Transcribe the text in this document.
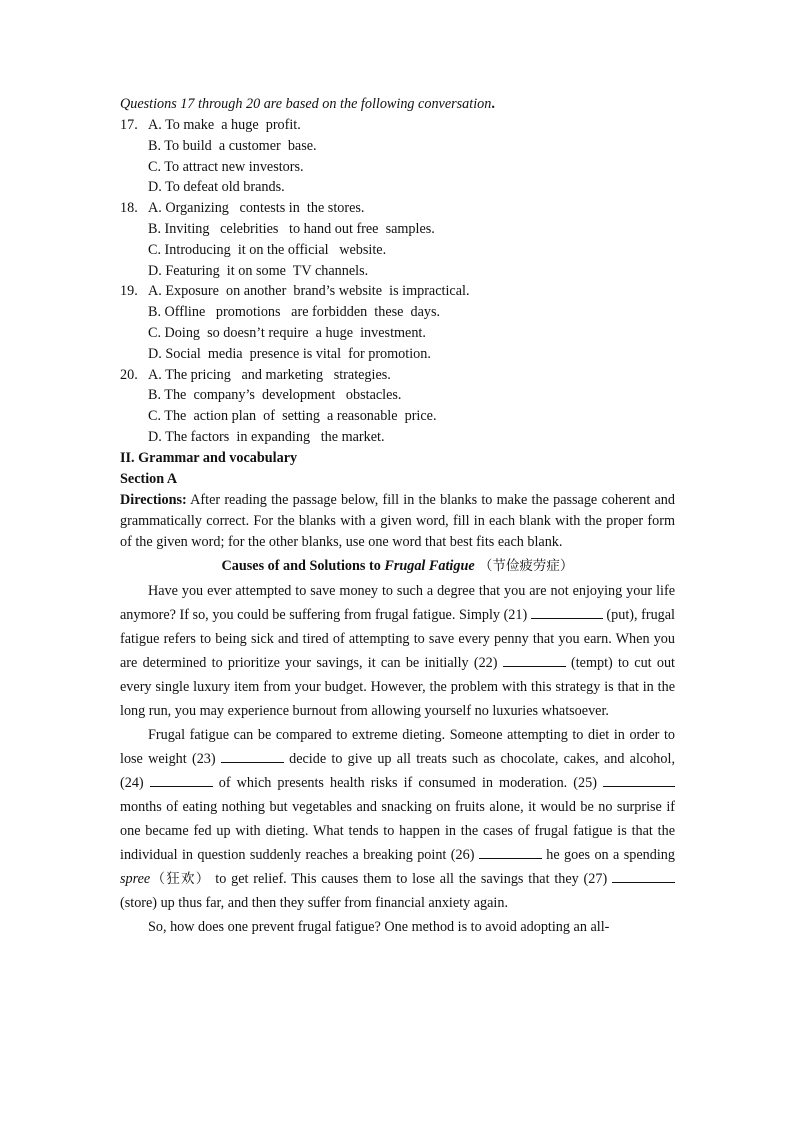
Questions 17 through 20 are based on the following conversation.

17. A. To make  a huge  profit.

B. To build  a customer  base.

C. To attract new investors.

D. To defeat old brands.

18. A. Organizing   contests in  the stores.

B. Inviting   celebrities   to hand out free  samples.

C. Introducing  it on the official   website.

D. Featuring  it on some  TV channels.

19. A. Exposure  on another  brand’s website  is impractical.

B. Offline   promotions   are forbidden  these  days.

C. Doing  so doesn’t require  a huge  investment.

D. Social  media  presence is vital  for promotion.

20. A. The pricing   and marketing   strategies.

B. The  company’s  development   obstacles.

C. The  action plan  of  setting  a reasonable  price.

D. The factors  in expanding   the market.

II. Grammar and vocabulary

Section A

Directions: After reading the passage below, fill in the blanks to make the passage coherent and grammatically correct. For the blanks with a given word, fill in each blank with the proper form of the given word; for the other blanks, use one word that best fits each blank.

Causes of and Solutions to Frugal Fatigue （节俭疲劳症）

Have you ever attempted to save money to such a degree that you are not enjoying your life anymore? If so, you could be suffering from frugal fatigue. Simply (21)	(put), frugal fatigue refers to being sick and tired of attempting to save every penny that you earn. When you are determined to prioritize your savings, it can be initially (22)	(tempt) to cut out every single luxury item from your budget. However, the problem with this strategy is that in the long run, you may experience burnout from allowing yourself no luxuries whatsoever.

Frugal fatigue can be compared to extreme dieting. Someone attempting to diet in order to lose weight (23)	decide to give up all treats such as chocolate, cakes, and alcohol, (24)	of which presents health risks if consumed in moderation. (25)  months of eating nothing but vegetables and snacking on fruits alone, it would be no surprise if one became fed up with dieting. What tends to happen in the cases of frugal fatigue is that the individual in question suddenly reaches a breaking point (26)	he goes on a spending spree（狂欢） to get relief. This causes them to lose all the savings that they (27)  (store) up thus far, and then they suffer from financial anxiety again.

So, how does one prevent frugal fatigue? One method is to avoid adopting an all-
